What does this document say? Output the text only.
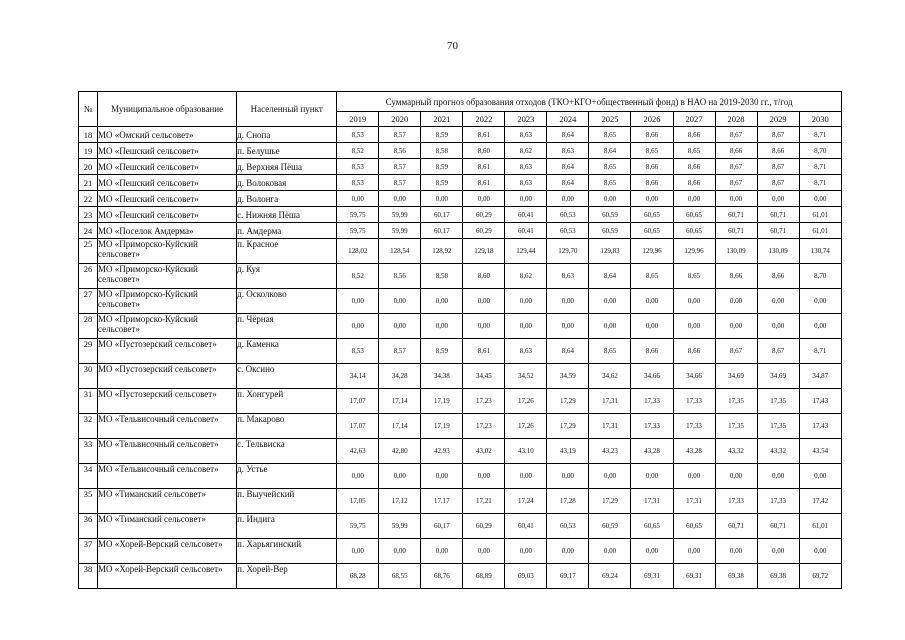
70
№	Муниципальное образование	Населенный пункт	Суммарный прогноз образования отходов (ТКО+КГО+общественный фонд) в НАО на 2019-2030 гг., т/год											
			2019	2020	2021	2022	2023	2024	2025	2026	2027	2028	2029	2030
18	МО «Омский сельсовет»	д. Снопа	8,53	8,57	8,59	8,61	8,63	8,64	8,65	8,66	8,66	8,67	8,67	8,71
19	МО «Пешский сельсовет»	п. Белушье	8,52	8,56	8,58	8,60	8,62	8,63	8,64	8,65	8,65	8,66	8,66	8,70
20	МО «Пешский сельсовет»	д. Верхняя Пёша	8,53	8,57	8,59	8,61	8,63	8,64	8,65	8,66	8,66	8,67	8,67	8,71
21	МО «Пешский сельсовет»	д. Волоковая	8,53	8,57	8,59	8,61	8,63	8,64	8,65	8,66	8,66	8,67	8,67	8,71
22	МО «Пешский сельсовет»	д. Волонга	0,00	0,00	0,00	0,00	0,00	0,00	0,00	0,00	0,00	0,00	0,00	0,00
23	МО «Пешский сельсовет»	с. Нижняя Пёша	59,75	59,99	60,17	60,29	60,41	60,53	60,59	60,65	60,65	60,71	60,71	61,01
24	МО «Поселок Амдерма»	п. Амдерма	59,75	59,99	60,17	60,29	60,41	60,53	60,59	60,65	60,65	60,71	60,71	61,01
25	МО «Приморско-Куйский сельсовет»	п. Красное	128,02	128,54	128,92	129,18	129,44	129,70	129,83	129,96	129,96	130,09	130,09	130,74
26	МО «Приморско-Куйский сельсовет»	д. Куя	8,52	8,56	8,58	8,60	8,62	8,63	8,64	8,65	8,65	8,66	8,66	8,70
27	МО «Приморско-Куйский сельсовет»	д. Осколково	0,00	0,00	0,00	0,00	0,00	0,00	0,00	0,00	0,00	0,00	0,00	0,00
28	МО «Приморско-Куйский сельсовет»	п. Чёрная	0,00	0,00	0,00	0,00	0,00	0,00	0,00	0,00	0,00	0,00	0,00	0,00
29	МО «Пустозерский сельсовет»	д. Каменка	8,53	8,57	8,59	8,61	8,63	8,64	8,65	8,66	8,66	8,67	8,67	8,71
30	МО «Пустозерский сельсовет»	с. Оксино	34,14	34,28	34,38	34,45	34,52	34,59	34,62	34,66	34,66	34,69	34,69	34,87
31	МО «Пустозерский сельсовет»	п. Хонгурей	17,07	17,14	17,19	17,23	17,26	17,29	17,31	17,33	17,33	17,35	17,35	17,43
32	МО «Тельвисочный сельсовет»	п. Макарово	17,07	17,14	17,19	17,23	17,26	17,29	17,31	17,33	17,33	17,35	17,35	17,43
33	МО «Тельвисочный сельсовет»	с. Тельвиска	42,63	42,80	42,93	43,02	43,10	43,19	43,23	43,28	43,28	43,32	43,32	43,54
34	МО «Тельвисочный сельсовет»	д. Устье	0,00	0,00	0,00	0,00	0,00	0,00	0,00	0,00	0,00	0,00	0,00	0,00
35	МО «Тиманский сельсовет»	п. Выучейский	17,05	17,12	17,17	17,21	17,24	17,28	17,29	17,31	17,31	17,33	17,33	17,42
36	МО «Тиманский сельсовет»	п. Индига	59,75	59,99	60,17	60,29	60,41	60,53	60,59	60,65	60,65	60,71	60,71	61,01
37	МО «Хорей-Верский сельсовет»	п. Харьягинский	0,00	0,00	0,00	0,00	0,00	0,00	0,00	0,00	0,00	0,00	0,00	0,00
38	МО «Хорей-Верский сельсовет»	п. Хорей-Вер	68,28	68,55	68,76	68,89	69,03	69,17	69,24	69,31	69,31	69,38	69,38	69,72
